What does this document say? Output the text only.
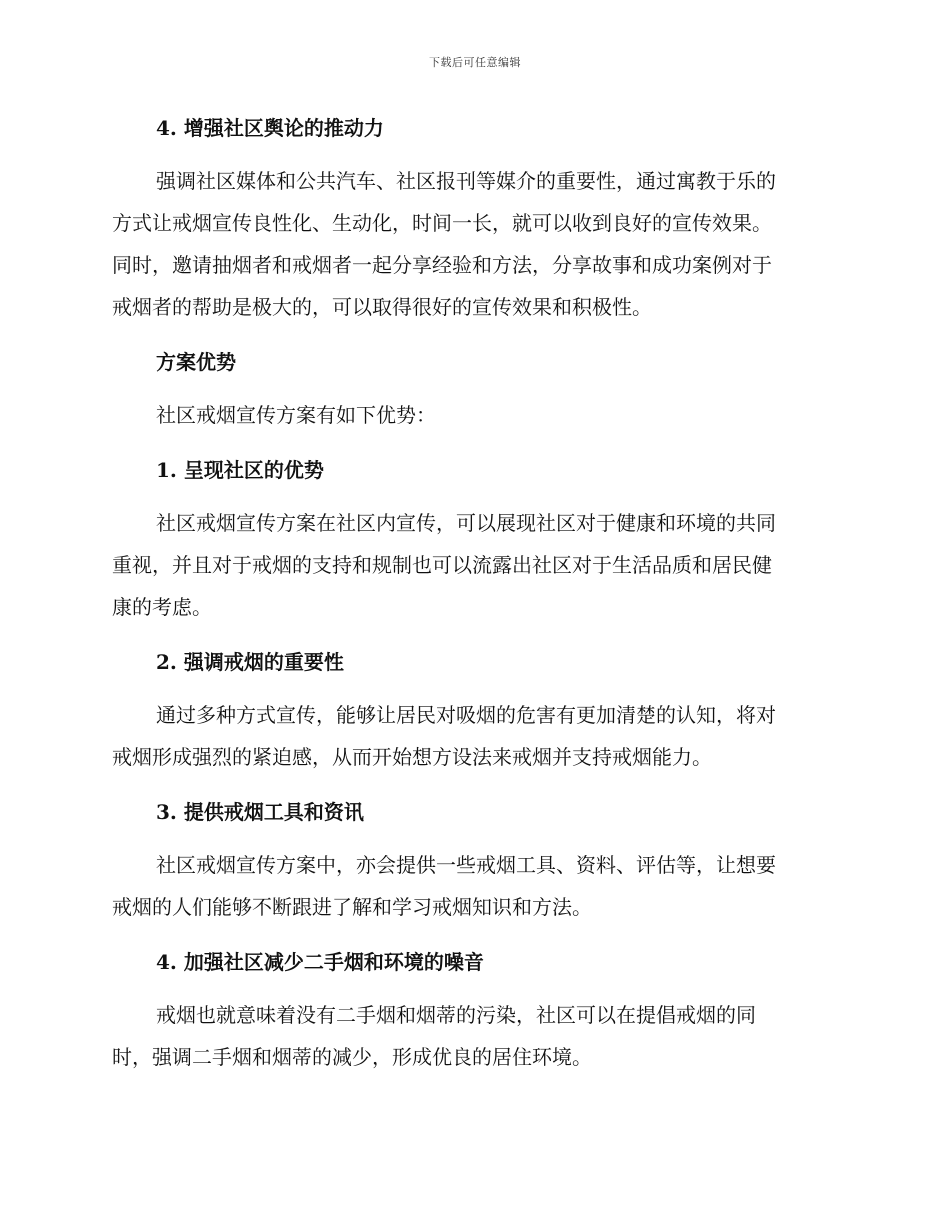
下载后可任意编辑
4. 增强社区舆论的推动力
强调社区媒体和公共汽车、社区报刊等媒介的重要性，通过寓教于乐的
方式让戒烟宣传良性化、生动化，时间一长，就可以收到良好的宣传效果。
同时，邀请抽烟者和戒烟者一起分享经验和方法，分享故事和成功案例对于
戒烟者的帮助是极大的，可以取得很好的宣传效果和积极性。
方案优势
社区戒烟宣传方案有如下优势：
1. 呈现社区的优势
社区戒烟宣传方案在社区内宣传，可以展现社区对于健康和环境的共同
重视，并且对于戒烟的支持和规制也可以流露出社区对于生活品质和居民健
康的考虑。
2. 强调戒烟的重要性
通过多种方式宣传，能够让居民对吸烟的危害有更加清楚的认知，将对
戒烟形成强烈的紧迫感，从而开始想方设法来戒烟并支持戒烟能力。
3. 提供戒烟工具和资讯
社区戒烟宣传方案中，亦会提供一些戒烟工具、资料、评估等，让想要
戒烟的人们能够不断跟进了解和学习戒烟知识和方法。
4. 加强社区减少二手烟和环境的噪音
戒烟也就意味着没有二手烟和烟蒂的污染，社区可以在提倡戒烟的同
时，强调二手烟和烟蒂的减少，形成优良的居住环境。
